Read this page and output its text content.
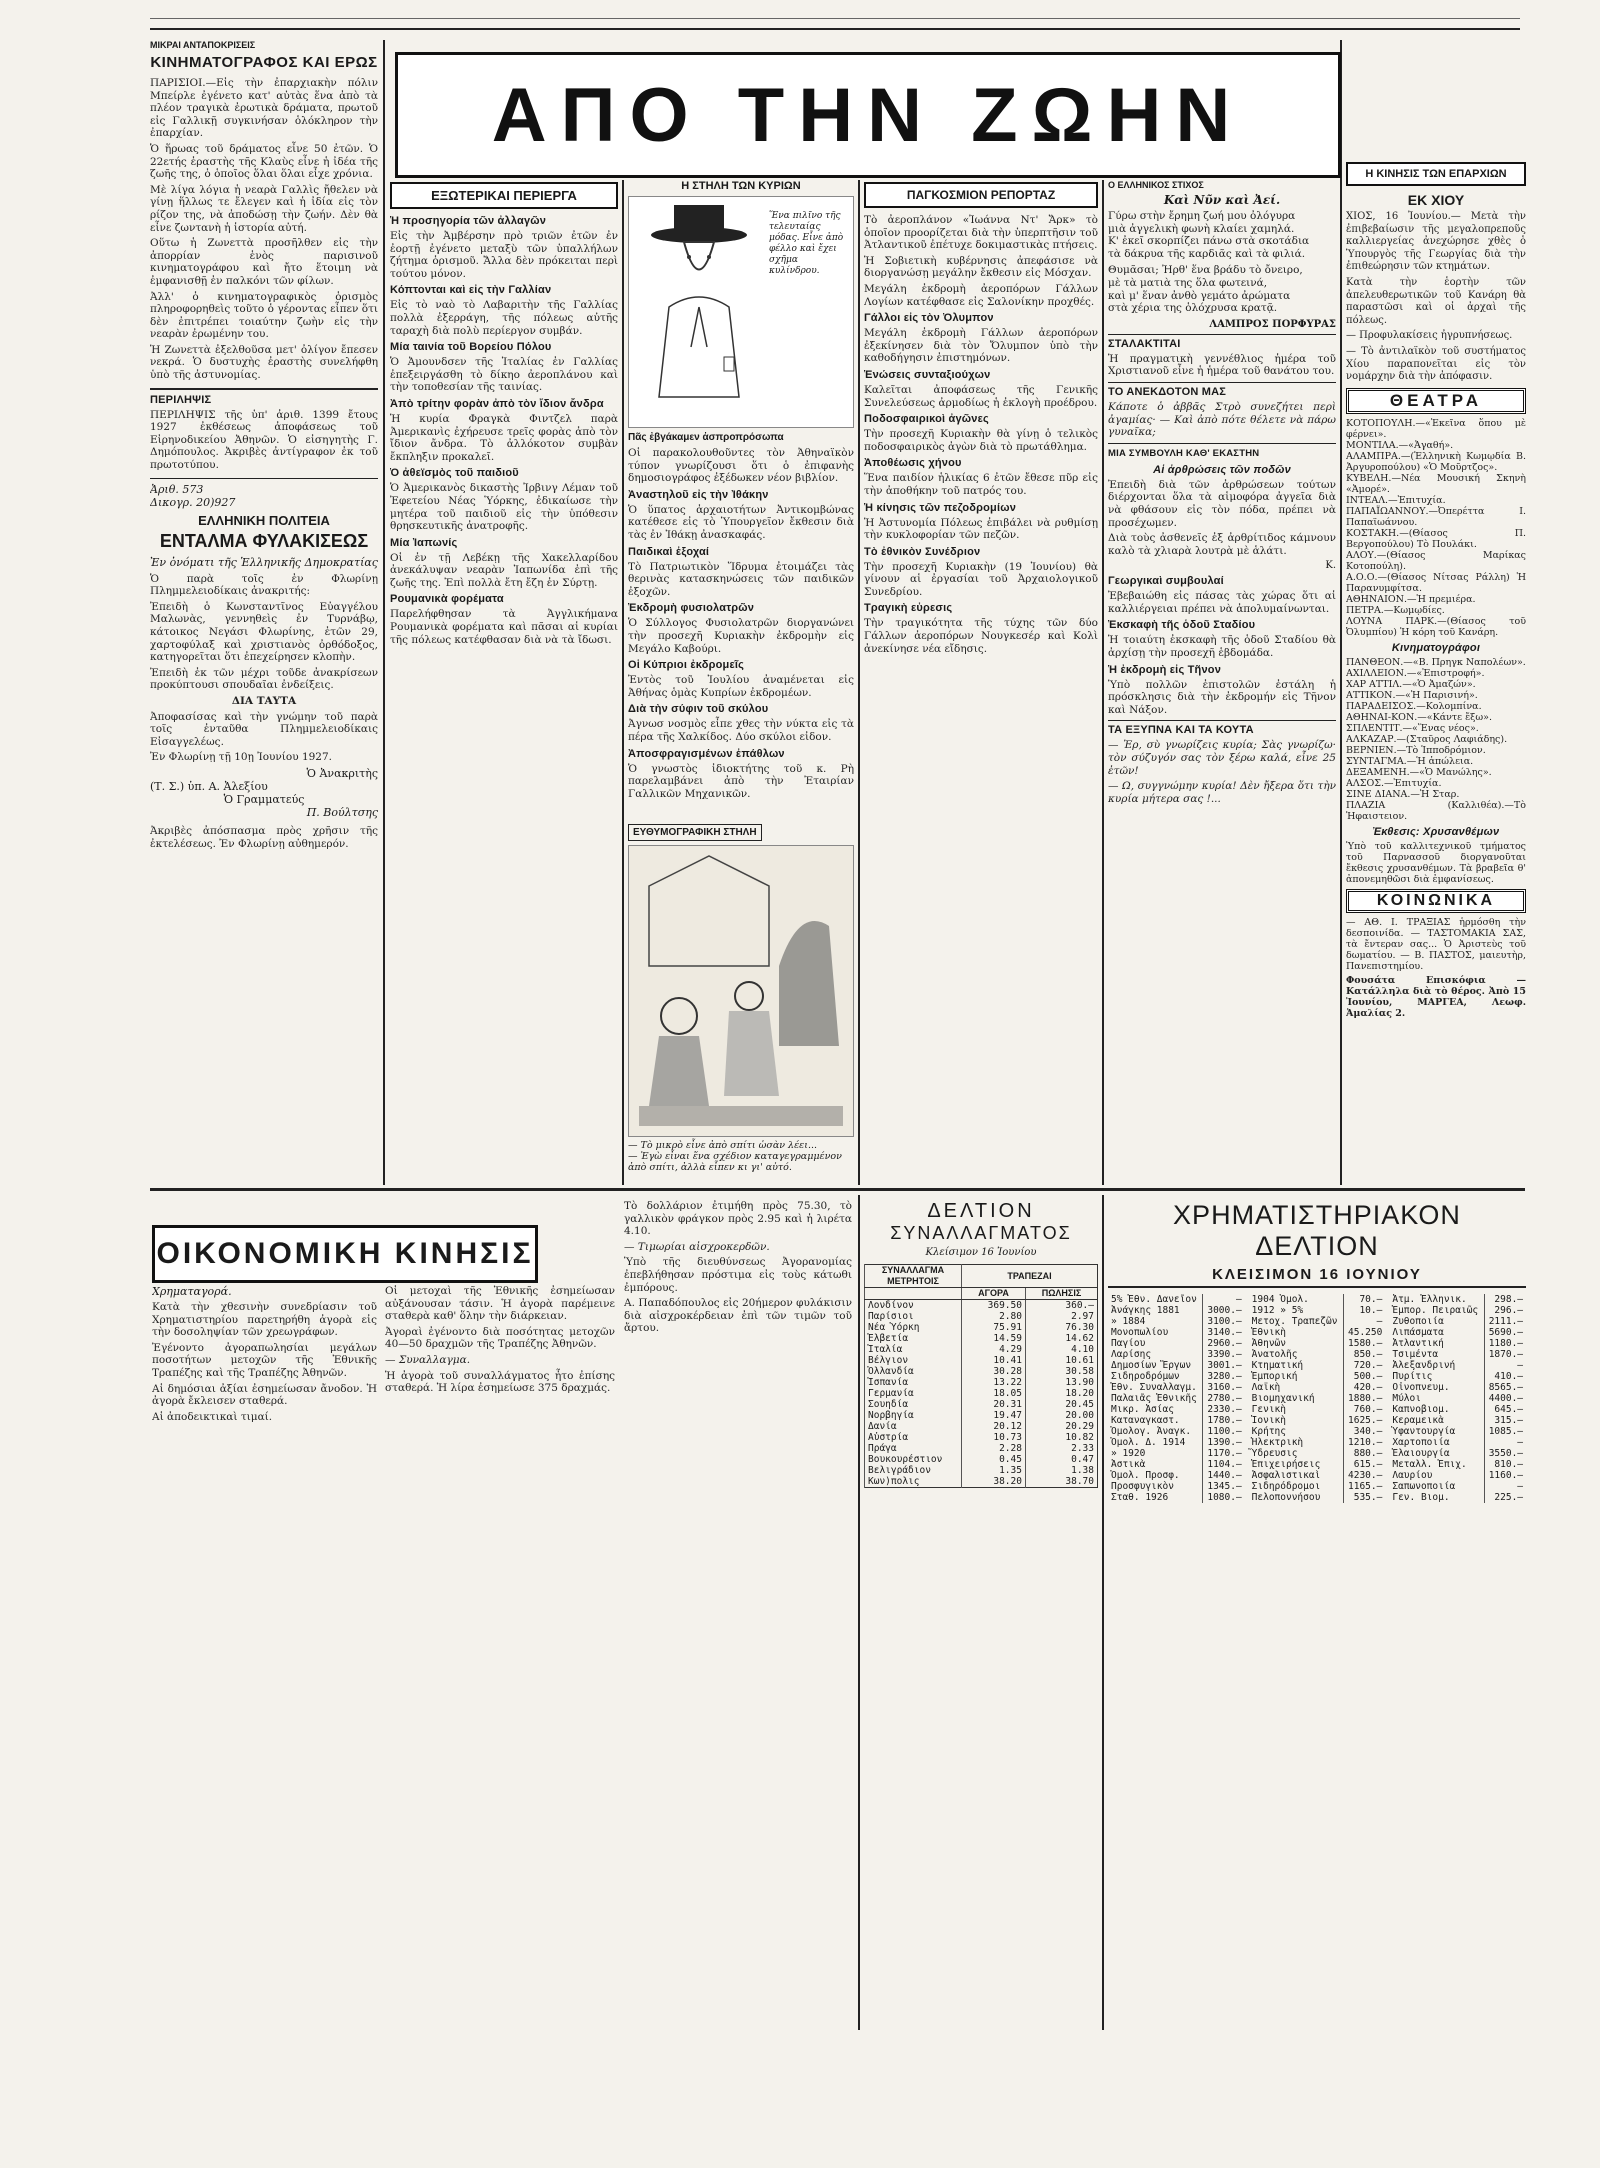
ΑΠΟ ΤΗΝ ΖΩΗΝ
ΜΙΚΡΑΙ ΑΝΤΑΠΟΚΡΙΣΕΙΣ
ΚΙΝΗΜΑΤΟΓΡΑΦΟΣ ΚΑΙ ΕΡΩΣ

ΠΑΡΙΣΙΟΙ.—Εἰς τὴν ἐπαρχιακὴν πόλιν Μπείρλε ἐγένετο κατ' αὐτὰς ἕνα ἀπὸ τὰ πλέον τραγικὰ ἐρωτικὰ δράματα, πρωτοῦ εἰς Γαλλικῇ συγκινήσαν ὁλόκληρον τὴν ἐπαρχίαν.

Ὁ ἥρωας τοῦ δράματος εἶνε 50 ἐτῶν. Ὁ 22ετής ἐραστὴς τῆς Κλαὺς εἶνε ἡ ἰδέα τῆς ζωῆς της, ὁ ὁποῖος ὅλαι ὅλαι εἶχε χρόνια.

Μὲ λίγα λόγια ἡ νεαρὰ Γαλλὶς ἤθελεν νὰ γίνῃ ἥλλως τε ἔλεγεν καὶ ἡ ἰδία εἰς τὸν ρίζον της, νὰ ἀποδώσῃ τὴν ζωήν. Δὲν θὰ εἶνε ζωντανὴ ἡ ἱστορία αὐτή.

Οὕτω ἡ Ζωνεττὰ προσῆλθεν εἰς τὴν ἀπορρίαν ἑνὸς παρισινοῦ κινηματογράφου καὶ ἤτο ἕτοιμη νὰ ἐμφανισθῇ ἐν παλκόνι τῶν φίλων.

Ἀλλ' ὁ κινηματογραφικὸς ὁρισμὸς πληροφορηθεὶς τοῦτο ὁ γέροντας εἶπεν ὅτι δὲν ἐπιτρέπει τοιαύτην ζωὴν εἰς τὴν νεαρὰν ἐρωμένην του.

Ἡ Ζωνεττὰ ἐξελθοῦσα μετ' ὀλίγον ἔπεσεν νεκρά. Ὁ δυστυχὴς ἐραστὴς συνελήφθη ὑπὸ τῆς ἀστυνομίας.

ΠΕΡΙΛΗΨΙΣ

ΠΕΡΙΛΗΨΙΣ τῆς ὑπ' ἀριθ. 1399 ἔτους 1927 ἐκθέσεως ἀποφάσεως τοῦ Εἰρηνοδικείου Ἀθηνῶν. Ὁ εἰσηγητὴς Γ. Δημόπουλος. Ἀκριβὲς ἀντίγραφον ἐκ τοῦ πρωτοτύπου.

Ἀριθ. 573
Δικογρ. 20)927
ΕΛΛΗΝΙΚΗ ΠΟΛΙΤΕΙΑ
ΕΝΤΑΛΜΑ ΦΥΛΑΚΙΣΕΩΣ
Ἐν ὀνόματι τῆς Ἑλληνικῆς Δημοκρατίας

Ὁ παρὰ τοῖς ἐν Φλωρίνῃ Πλημμελειοδίκαις ἀνακριτής:

Ἐπειδὴ ὁ Κωνσταντῖνος Εὐαγγέλου Μαλωνὰς, γεννηθεὶς ἐν Τυρνάβῳ, κάτοικος Νεγάσι Φλωρίνης, ἐτῶν 29, χαρτοφύλαξ καὶ χριστιανὸς ὀρθόδοξος, κατηγορεῖται ὅτι ἐπεχείρησεν κλοπὴν.

Ἐπειδὴ ἐκ τῶν μέχρι τοῦδε ἀνακρίσεων προκύπτουσι σπουδαῖαι ἐνδείξεις.

ΔΙΑ ΤΑΥΤΑ

Ἀποφασίσας καὶ τὴν γνώμην τοῦ παρὰ τοῖς ἐνταῦθα Πλημμελειοδίκαις Εἰσαγγελέως.

Ἐν Φλωρίνῃ τῇ 10ῃ Ἰουνίου 1927.

Ὁ Ἀνακριτὴς
(Τ. Σ.) ὑπ. Α. Ἀλεξίου
Ὁ Γραμματεύς
Π. Βούλτσης

Ἀκριβὲς ἀπόσπασμα πρὸς χρῆσιν τῆς ἐκτελέσεως. Ἐν Φλωρίνῃ αὐθημερόν.

ΕΞΩΤΕΡΙΚΑΙ ΠΕΡΙΕΡΓΑ
Ἡ προσηγορία τῶν ἀλλαγῶν

Εἰς τὴν Ἀμβέρσην πρὸ τριῶν ἐτῶν ἐν ἐορτῇ ἐγένετο μεταξὺ τῶν ὑπαλλήλων ζήτημα ὁρισμοῦ. Ἄλλα δὲν πρόκειται περὶ τούτου μόνον.

Κόπτονται καὶ εἰς τὴν Γαλλίαν

Εἰς τὸ ναὸ τὸ Λαβαριτὴν τῆς Γαλλίας πολλὰ ἐξερράγη, τῆς πόλεως αὐτῆς ταραχὴ διὰ πολὺ περίεργον συμβάν.

Μία ταινία τοῦ Βορείου Πόλου

Ὁ Ἀμουνδσεν τῆς Ἰταλίας ἐν Γαλλίας ἐπεξειργάσθη τὸ δίκηο ἀεροπλάνου καὶ τὴν τοποθεσίαν τῆς ταινίας.

Ἀπὸ τρίτην φορὰν ἀπὸ τὸν ἴδιον ἄνδρα

Ἡ κυρία Φραγκὰ Φιντζελ παρὰ Ἀμερικανὶς ἐχήρευσε τρεῖς φορὰς ἀπὸ τὸν ἴδιον ἄνδρα. Τὸ ἀλλόκοτον συμβὰν ἔκπληξιν προκαλεῖ.

Ὁ ἀθεϊσμὸς τοῦ παιδιοῦ

Ὁ Ἀμερικανὸς δικαστὴς Ἰρβινγ Λέμαν τοῦ Ἐφετείου Νέας Ὑόρκης, ἐδικαίωσε τὴν μητέρα τοῦ παιδιοῦ εἰς τὴν ὑπόθεσιν θρησκευτικῆς ἀνατροφῆς.

Μία Ἰαπωνίς

Οἱ ἐν τῇ Λεβέκῃ τῆς Χακελλαρίδου ἀνεκάλυψαν νεαρὰν Ἰαπωνίδα ἐπὶ τῆς ζωῆς της. Ἐπὶ πολλὰ ἔτη ἔζη ἐν Σύρτῃ.

Ρουμανικὰ φορέματα

Παρελήφθησαν τὰ Ἀγγλικήμανα Ρουμανικὰ φορέματα καὶ πᾶσαι αἱ κυρίαι τῆς πόλεως κατέφθασαν διὰ νὰ τὰ ἴδωσι.

Η ΣΤΗΛΗ ΤΩΝ ΚΥΡΙΩΝ
Ἕνα πιλῖνο τῆς τελευταίας μόδας. Εἶνε ἀπὸ φέλλο καὶ ἔχει σχῆμα κυλίνδρου.
Πᾶς ἐβγάκαμεν ἀσπροπρόσωπα

Οἱ παρακολουθοῦντες τὸν Ἀθηναϊκὸν τύπον γνωρίζουσι ὅτι ὁ ἐπιφανὴς δημοσιογράφος ἐξέδωκεν νέον βιβλίον.

Ἀναστηλοῦ εἰς τὴν Ἰθάκην

Ὁ ὕπατος ἀρχαιοτήτων Ἀντικομβώνας κατέθεσε εἰς τὸ Ὑπουργεῖον ἔκθεσιν διὰ τὰς ἐν Ἰθάκῃ ἀνασκαφάς.

Παιδικαὶ ἐξοχαί

Τὸ Πατριωτικὸν Ἵδρυμα ἐτοιμάζει τὰς θερινὰς κατασκηνώσεις τῶν παιδικῶν ἐξοχῶν.

Ἐκδρομὴ φυσιολατρῶν

Ὁ Σύλλογος Φυσιολατρῶν διοργανώνει τὴν προσεχῆ Κυριακὴν ἐκδρομὴν εἰς Μεγάλο Καβούρι.

Οἱ Κύπριοι ἐκδρομεῖς

Ἐντὸς τοῦ Ἰουλίου ἀναμένεται εἰς Ἀθήνας ὁμὰς Κυπρίων ἐκδρομέων.

Διὰ τὴν σύφιν τοῦ σκύλου

Ἀγνωσ νοσμὸς εἶπε χθες τὴν νύκτα εἰς τὰ πέρα τῆς Χαλκίδος. Δύο σκύλοι εἰδον.

Ἀποσφραγισμένων ἐπάθλων

Ὁ γνωστὸς ἰδιοκτήτης τοῦ κ. Ρὴ παρελαμβάνει ἀπὸ τὴν Ἐταιρίαν Γαλλικῶν Μηχανικῶν.

ΕΥΘΥΜΟΓΡΑΦΙΚΗ ΣΤΗΛΗ
— Τὸ μικρὸ εἶνε ἀπὸ σπίτι ὡσὰν λέει...
— Ἐγὼ εἶναι ἕνα σχέδιον καταγεγραμμένον ἀπὸ σπίτι, ἀλλὰ εἶπεν κι γι' αὐτό.
ΠΑΓΚΟΣΜΙΟΝ ΡΕΠΟΡΤΑΖ

Τὸ ἀεροπλάνον «Ἰωάννα Ντ' Ἄρκ» τὸ ὁποῖον προορίζεται διὰ τὴν ὑπερπτῆσιν τοῦ Ἀτλαντικοῦ ἐπέτυχε δοκιμαστικὰς πτήσεις.

Ἡ Σοβιετικὴ κυβέρνησις ἀπεφάσισε νὰ διοργανώσῃ μεγάλην ἔκθεσιν εἰς Μόσχαν.

Μεγάλη ἐκδρομὴ ἀεροπόρων Γάλλων Λογίων κατέφθασε εἰς Σαλονίκην προχθές.

Γάλλοι εἰς τὸν Ὀλυμπον

Μεγάλη ἐκδρομὴ Γάλλων ἀεροπόρων ἐξεκίνησεν διὰ τὸν Ὄλυμπον ὑπὸ τὴν καθοδήγησιν ἐπιστημόνων.

Ἑνώσεις συνταξιούχων

Καλεῖται ἀποφάσεως τῆς Γενικῆς Συνελεύσεως ἀρμοδίως ἡ ἐκλογὴ προέδρου.

Ποδοσφαιρικοὶ ἀγῶνες

Τὴν προσεχῆ Κυριακὴν θὰ γίνῃ ὁ τελικὸς ποδοσφαιρικὸς ἀγὼν διὰ τὸ πρωτάθλημα.

Ἀποθέωσις χήνου

Ἕνα παιδίον ἡλικίας 6 ἐτῶν ἔθεσε πῦρ εἰς τὴν ἀποθήκην τοῦ πατρός του.

Ἡ κίνησις τῶν πεζοδρομίων

Ἡ Ἀστυνομία Πόλεως ἐπιβάλει νὰ ρυθμίσῃ τὴν κυκλοφορίαν τῶν πεζῶν.

Τὸ ἐθνικὸν Συνέδριον

Τὴν προσεχῆ Κυριακὴν (19 Ἰουνίου) θὰ γίνουν αἱ ἐργασίαι τοῦ Ἀρχαιολογικοῦ Συνεδρίου.

Τραγικὴ εὑρεσις

Τὴν τραγικότητα τῆς τύχης τῶν δύο Γάλλων ἀεροπόρων Νουγκεσέρ καὶ Κολὶ ἀνεκίνησε νέα εἴδησις.

Ο ΕΛΛΗΝΙΚΟΣ ΣΤΙΧΟΣ
Καὶ Νῦν καὶ Ἀεί.
Γύρω στὴν ἔρημη ζωή μου ὀλόγυρα
μιὰ ἀγγελικὴ φωνὴ κλαίει χαμηλά.
Κ' ἐκεῖ σκορπίζει πάνω στὰ σκοτάδια
τὰ δάκρυα τῆς καρδιᾶς καὶ τὰ φιλιά.
Θυμᾶσαι; Ἠρθ' ἕνα βράδυ τὸ ὄνειρο,
μὲ τὰ ματιὰ της ὅλα φωτεινά,
καὶ μ' ἕναν ἀνθὸ γεμάτο ἀρώματα
στὰ χέρια της ὁλόχρυσα κρατᾷ.
ΛΑΜΠΡΟΣ ΠΟΡΦΥΡΑΣ
ΣΤΑΛΑΚΤΙΤΑΙ

Ἡ πραγματικὴ γεννέθλιος ἡμέρα τοῦ Χριστιανοῦ εἶνε ἡ ἡμέρα τοῦ θανάτου του.

ΤΟ ΑΝΕΚΔΟΤΟΝ ΜΑΣ

Κάποτε ὁ ἀββᾶς Στρὸ συνεζήτει περὶ ἀγαμίας· — Καὶ ἀπὸ πότε θέλετε νὰ πάρω γυναῖκα;

ΜΙΑ ΣΥΜΒΟΥΛΗ ΚΑΘ' ΕΚΑΣΤΗΝ
Αἱ ἀρθρώσεις τῶν ποδῶν

Ἐπειδὴ διὰ τῶν ἀρθρώσεων τούτων διέρχονται ὅλα τὰ αἱμοφόρα ἀγγεῖα διὰ νὰ φθάσουν εἰς τὸν πόδα, πρέπει νὰ προσέχωμεν.

Διὰ τοὺς ἀσθενεῖς ἐξ ἀρθρίτιδος κάμνουν καλὸ τὰ χλιαρὰ λουτρὰ μὲ ἁλάτι.

Κ.
Γεωργικαὶ συμβουλαί

Ἐβεβαιώθη εἰς πάσας τὰς χώρας ὅτι αἱ καλλιέργειαι πρέπει νὰ ἀπολυμαίνωνται.

Ἐκσκαφὴ τῆς ὁδοῦ Σταδίου

Ἡ τοιαύτη ἐκσκαφὴ τῆς ὁδοῦ Σταδίου θὰ ἀρχίσῃ τὴν προσεχῆ ἑβδομάδα.

Ἡ ἐκδρομὴ εἰς Τῆνον

Ὑπὸ πολλῶν ἐπιστολῶν ἐστάλη ἡ πρόσκλησις διὰ τὴν ἐκδρομήν εἰς Τῆνον καὶ Νάξον.

ΤΑ ΕΞΥΠΝΑ ΚΑΙ ΤΑ ΚΟΥΤΑ

— Ἐρ, σὺ γνωρίζεις κυρία; Σὰς γνωρίζω· τὸν σύζυγόν σας τὸν ξέρω καλά, εἶνε 25 ἐτῶν!

— Ω, συγγνώμην κυρία! Δὲν ἤξερα ὅτι τὴν κυρία μήτερα σας !...

Η ΚΙΝΗΣΙΣ ΤΩΝ ΕΠΑΡΧΙΩΝ
ΕΚ ΧΙΟΥ

ΧΙΟΣ, 16 Ἰουνίου.— Μετὰ τὴν ἐπιβεβαίωσιν τῆς μεγαλοπρεποῦς καλλιεργείας ἀνεχώρησε χθὲς ὁ Ὑπουργὸς τῆς Γεωργίας διὰ τὴν ἐπιθεώρησιν τῶν κτημάτων.

Κατὰ τὴν ἑορτὴν τῶν ἀπελευθερωτικῶν τοῦ Κανάρη θὰ παραστῶσι καὶ οἱ ἀρχαὶ τῆς πόλεως.

— Προφυλακίσεις ἠγρυπνήσεως.

— Τὸ ἀντιλαϊκὸν τοῦ συστήματος Χίου παραπονεῖται εἰς τὸν νομάρχην διὰ τὴν ἀπόφασιν.

ΘΕΑΤΡΑ
ΚΟΤΟΠΟΥΛΗ.—«Ἐκεῖνα ὅπου μὲ φέρνει».
ΜΟΝΤΙΛΑ.—«Ἀγαθή».
ΑΛΑΜΠΡΑ.—(Ἑλληνικὴ Κωμῳδία Β. Ἀργυροπούλου) «Ὁ Μοῦρτζος».
ΚΥΒΕΛΗ.—Νέα Μουσική Σκηνὴ «Ἀμορέ».
ΙΝΤΕΑΛ.—Ἐπιτυχία.
ΠΑΠΑΪΩΑΝΝΟΥ.—Ὀπερέττα Ι. Παπαϊωάννου.
ΚΟΣΤΑΚΗ.—(Θίασος Π. Βεργοπούλου) Τὸ Πουλάκι.
ΑΛΟΥ.—(Θίασος Μαρίκας Κοτοπούλη).
Α.Ο.Ο.—(Θίασος Νίτσας Ράλλη) Ἡ Παρανυμφίτσα.
ΑΘΗΝΑΙΟΝ.—Ἡ πρεμιέρα.
ΠΕΤΡΑ.—Κωμῳδίες.
ΛΟΥΝΑ ΠΑΡΚ.—(Θίασος τοῦ Ὀλυμπίου) Ἡ κόρη τοῦ Κανάρη.
Κινηματογράφοι
ΠΑΝΘΕΟΝ.—«Β. Πρηγκ Ναπολέων».
ΑΧΙΛΛΕΙΟΝ.—«Ἐπιστροφή».
ΧΑΡ ΑΤΤΙΛ.—«Ὁ Ἀμαζών».
ΑΤΤΙΚΟΝ.—«Ἡ Παρισινή».
ΠΑΡΑΔΕΙΣΟΣ.—Κολομπίνα.
ΑΘΗΝΑΙ-ΚΟΝ.—«Κάντε ἔξω».
ΣΠΛΕΝΤΙΤ.—«Ἕνας νέος».
ΑΛΚΑΖΑΡ.—(Σταῦρος Λαφιάδης).
ΒΕΡΝΙΕΝ.—Τὸ Ἱπποδρόμιον.
ΣΥΝΤΑΓΜΑ.—Ἡ ἀπώλεια.
ΔΕΞΑΜΕΝΗ.—«Ὁ Μανώλης».
ΑΛΣΟΣ.—Ἐπιτυχία.
ΣΙΝΕ ΔΙΑΝΑ.—Ἡ Σταρ.
ΠΛΑΖΙΑ (Καλλιθέα).—Τὸ Ἡφαιστειον.
Ἐκθεσις: Χρυσανθέμων

Ὑπὸ τοῦ καλλιτεχνικοῦ τμήματος τοῦ Παρνασσοῦ διοργανοῦται ἔκθεσις χρυσανθέμων. Τὰ βραβεῖα θ' ἀπονεμηθῶσι διὰ ἐμφανίσεως.

ΚΟΙΝΩΝΙΚΑ

— ΑΘ. Ι. ΤΡΑΞΙΑΣ ἡρμόσθη τὴν δεσποινίδα. — ΤΑΣΤΟΜΑΚΙΑ ΣΑΣ, τὰ ἔντεραν σας... Ὁ Ἀριστεὺς τοῦ δωματίου. — Β. ΠΑΣΤΟΣ, μαιευτὴρ, Πανεπιστημίου.

Φουσάτα Επισκόφια — Κατάλληλα διὰ τὸ θέρος. Ἀπὸ 15 Ἰουνίου, ΜΑΡΓΕΑ, Λεωφ. Ἀμαλίας 2.

ΟΙΚΟΝΟΜΙΚΗ ΚΙΝΗΣΙΣ
Χρηματαγορά.

Κατὰ τὴν χθεσινὴν συνεδρίασιν τοῦ Χρηματιστηρίου παρετηρήθη ἀγορὰ εἰς τὴν δοσοληψίαν τῶν χρεωγράφων.

Ἐγένοντο ἀγοραπωλησίαι μεγάλων ποσοτήτων μετοχῶν τῆς Ἐθνικῆς Τραπέζης καὶ τῆς Τραπέζης Ἀθηνῶν.

Αἱ δημόσιαι ἀξίαι ἐσημείωσαν ἄνοδον. Ἡ ἀγορὰ ἔκλεισεν σταθερά.

Αἱ ἀποδεικτικαὶ τιμαί.

Οἱ μετοχαὶ τῆς Ἐθνικῆς ἐσημείωσαν αὐξάνουσαν τάσιν. Ἡ ἀγορὰ παρέμεινε σταθερὰ καθ' ὅλην τὴν διάρκειαν.

Ἀγοραὶ ἐγένοντο διὰ ποσότητας μετοχῶν 40—50 δραχμῶν τῆς Τραπέζης Ἀθηνῶν.

— Συναλλαγμα.

Ἡ ἀγορὰ τοῦ συναλλάγματος ἦτο ἐπίσης σταθερά. Ἡ λίρα ἐσημείωσε 375 δραχμάς.

Τὸ δολλάριον ἐτιμήθη πρὸς 75.30, τὸ γαλλικὸν φράγκον πρὸς 2.95 καὶ ἡ λιρέτα 4.10.

— Τιμωρίαι αἰσχροκερδῶν.

Ὑπὸ τῆς διευθύνσεως Ἀγορανομίας ἐπεβλήθησαν πρόστιμα εἰς τοὺς κάτωθι ἐμπόρους.

Α. Παπαδόπουλος εἰς 20ήμερον φυλάκισιν διὰ αἰσχροκέρδειαν ἐπὶ τῶν τιμῶν τοῦ ἄρτου.

ΔΕΛΤΙΟΝ
ΣΥΝΑΛΛΑΓΜΑΤΟΣ
Κλείσιμον 16 Ἰουνίου
ΣΥΝΑΛΛΑΓΜΑ ΜΕΤΡΗΤΟΙΣ	ΤΡΑΠΕΖΑΙ	
	ΑΓΟΡΑ	ΠΩΛΗΣΙΣ
Λονδίνον	369.50	360.—
Παρίσιοι	2.80	2.97
Νέα Ὑόρκη	75.91	76.30
Ἑλβετία	14.59	14.62
Ἰταλία	4.29	4.10
Βέλγιον	10.41	10.61
Ὁλλανδία	30.28	30.58
Ἰσπανία	13.22	13.90
Γερμανία	18.05	18.20
Σουηδία	20.31	20.45
Νορβηγία	19.47	20.00
Δανία	20.12	20.29
Αὐστρία	10.73	10.82
Πράγα	2.28	2.33
Βουκουρέστιον	0.45	0.47
Βελιγράδιον	1.35	1.38
Κων)πολις	38.20	38.70
ΧΡΗΜΑΤΙΣΤΗΡΙΑΚΟΝ ΔΕΛΤΙΟΝ
ΚΛΕΙΣΙΜΟΝ 16 ΙΟΥΝΙΟΥ
5% Ἐθν. Δανεῖον	—
Ἀνάγκης 1881	3000.—
» 1884	3100.—
Μονοπωλίου	3140.—
Παγίου	2960.—
Λαρίσης	3390.—
Δημοσίων Ἔργων	3001.—
Σιδηροδρόμων	3280.—
Ἐθν. Συναλλαγμ.	3160.—
Παλαιᾶς Ἐθνικῆς	2780.—
Μικρ. Ἀσίας	2330.—
Καταναγκαστ.	1780.—
Ὁμολογ. Ἀναγκ.	1100.—
Ὁμολ. Δ. 1914	1390.—
» 1920	1170.—
Ἀστικὰ	1104.—
Ὁμολ. Προσφ.	1440.—
Προσφυγικὸν	1345.—
Σταθ. 1926	1080.—
1904 Ὁμολ.	70.—
1912 » 5%	10.—
Μετοχ. Τραπεζῶν	—
Ἐθνικὴ	45.250
Ἀθηνῶν	1580.—
Ἀνατολῆς	850.—
Κτηματική	720.—
Ἐμπορική	500.—
Λαϊκὴ	420.—
Βιομηχανική	1880.—
Γενικὴ	760.—
Ἰονικὴ	1625.—
Κρήτης	340.—
Ἠλεκτρικὴ	1210.—
Ὕδρευσις	880.—
Ἐπιχειρήσεις	615.—
Ἀσφαλιστικαὶ	4230.—
Σιδηρόδρομοι	1165.—
Πελοποννήσου	535.—
Ἀτμ. Ἑλληνικ.	298.—
Ἐμπορ. Πειραιῶς	296.—
Ζυθοποιία	2111.—
Λιπάσματα	5690.—
Ἀτλαντική	1180.—
Τσιμέντα	1870.—
Ἀλεξανδρινή	—
Πυρίτις	410.—
Οἰνοπνευμ.	8565.—
Μύλοι	4400.—
Καπνοβιομ.	645.—
Κεραμεικὰ	315.—
Ὑφαντουργία	1085.—
Χαρτοποιία	—
Ἐλαιουργία	3550.—
Μεταλλ. Ἐπιχ.	810.—
Λαυρίου	1160.—
Σαπωνοποιία	—
Γεν. Βιομ.	225.—
